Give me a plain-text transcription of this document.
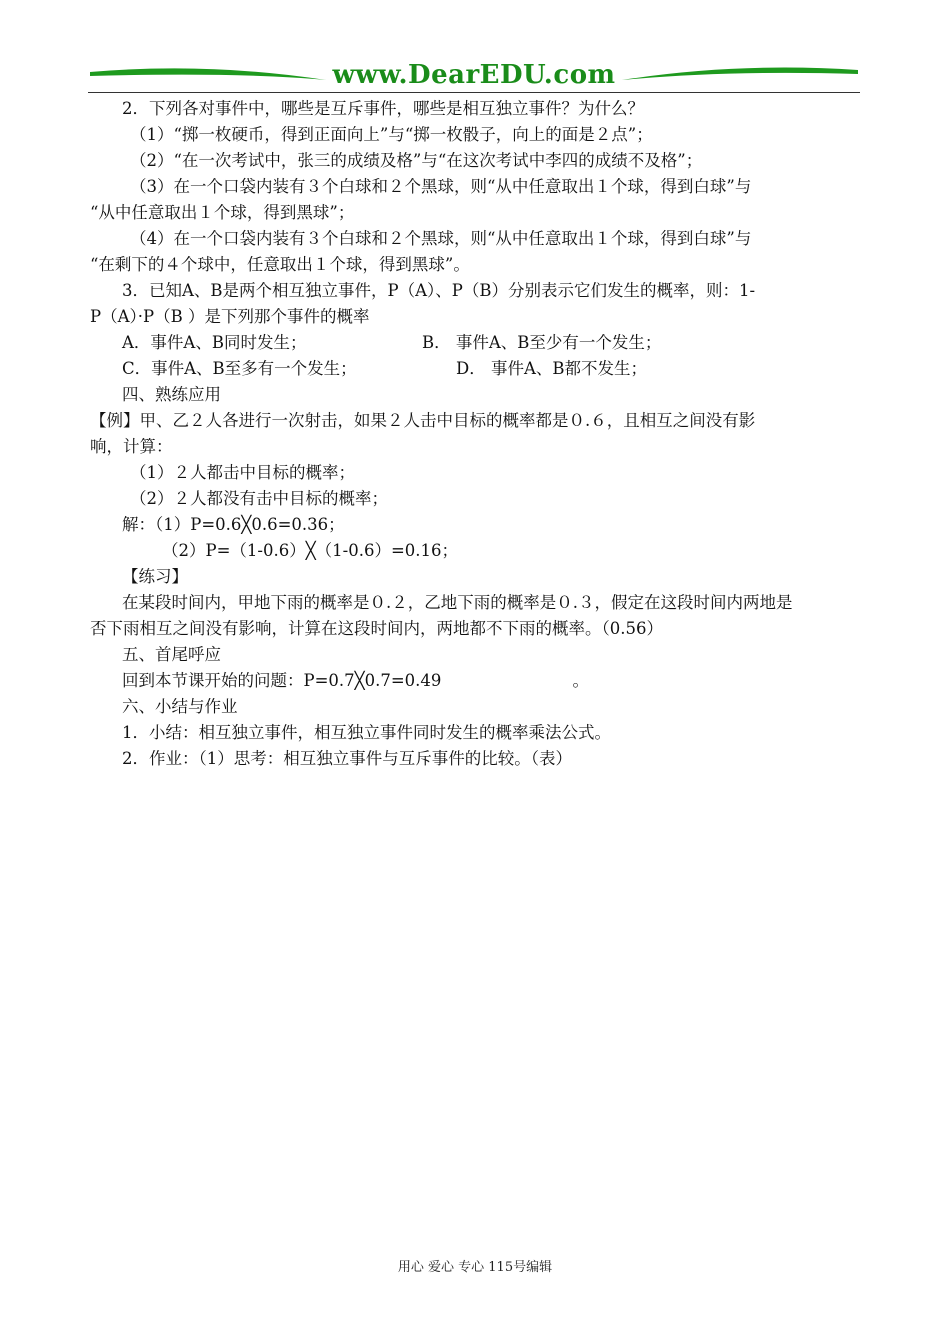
www.DearEDU.com
2．下列各对事件中，哪些是互斥事件，哪些是相互独立事件？为什么？
（1）“掷一枚硬币，得到正面向上”与“掷一枚骰子，向上的面是２点”；
（2）“在一次考试中，张三的成绩及格”与“在这次考试中李四的成绩不及格”；
（3）在一个口袋内装有３个白球和２个黑球，则“从中任意取出１个球，得到白球”与
“从中任意取出１个球，得到黑球”；
（4）在一个口袋内装有３个白球和２个黑球，则“从中任意取出１个球，得到白球”与
“在剩下的４个球中，任意取出１个球，得到黑球”。
3．已知A、B是两个相互独立事件，P（A）、P（B）分别表示它们发生的概率，则：1-
P（A）·P（B ）是下列那个事件的概率
A．事件A、B同时发生；	B． 事件A、B至少有一个发生；
C．事件A、B至多有一个发生；	D． 事件A、B都不发生；
四、熟练应用
【例】甲、乙２人各进行一次射击，如果２人击中目标的概率都是０.６，且相互之间没有影
响，计算：
（1）２人都击中目标的概率；
（2）２人都没有击中目标的概率；
解：（1）P=0.6╳0.6=0.36；
（2）P=（1-0.6）╳（1-0.6）=0.16；
【练习】
在某段时间内，甲地下雨的概率是０.２，乙地下雨的概率是０.３，假定在这段时间内两地是
否下雨相互之间没有影响，计算在这段时间内，两地都不下雨的概率。（0.56）
五、首尾呼应
回到本节课开始的问题：P=0.7╳0.7=0.49                         。
六、小结与作业
1．小结：相互独立事件，相互独立事件同时发生的概率乘法公式。
2．作业：（1）思考：相互独立事件与互斥事件的比较。（表）
用心 爱心 专心 115号编辑
